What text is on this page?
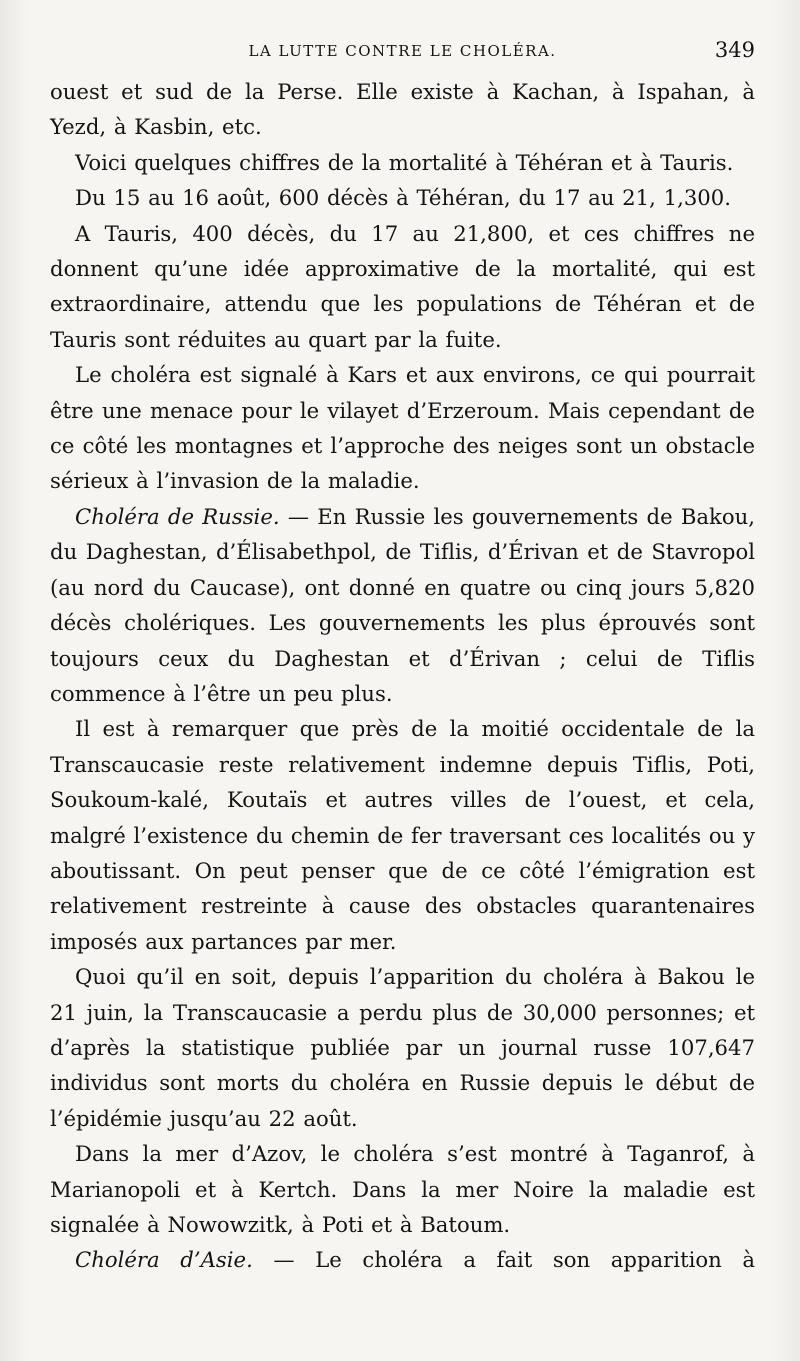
LA LUTTE CONTRE LE CHOLÉRA.	349

ouest et sud de la Perse. Elle existe à Kachan, à Ispahan, à Yezd, à Kasbin, etc.

Voici quelques chiffres de la mortalité à Téhéran et à Tauris.

Du 15 au 16 août, 600 décès à Téhéran, du 17 au 21, 1,300.

A Tauris, 400 décès, du 17 au 21,800, et ces chiffres ne donnent qu’une idée approximative de la mortalité, qui est extraordinaire, attendu que les populations de Téhéran et de Tauris sont réduites au quart par la fuite.

Le choléra est signalé à Kars et aux environs, ce qui pourrait être une menace pour le vilayet d’Erzeroum. Mais cependant de ce côté les montagnes et l’approche des neiges sont un obstacle sérieux à l’invasion de la maladie.

Choléra de Russie. — En Russie les gouvernements de Bakou, du Daghestan, d’Élisabethpol, de Tiflis, d’Érivan et de Stavropol (au nord du Caucase), ont donné en quatre ou cinq jours 5,820 décès cholériques. Les gouvernements les plus éprouvés sont toujours ceux du Daghestan et d’Érivan ; celui de Tiflis commence à l’être un peu plus.

Il est à remarquer que près de la moitié occidentale de la Transcaucasie reste relativement indemne depuis Tiflis, Poti, Soukoum-kalé, Koutaïs et autres villes de l’ouest, et cela, malgré l’existence du chemin de fer traversant ces localités ou y aboutissant. On peut penser que de ce côté l’émigration est relativement restreinte à cause des obstacles quarantenaires imposés aux partances par mer.

Quoi qu’il en soit, depuis l’apparition du choléra à Bakou le 21 juin, la Transcaucasie a perdu plus de 30,000 personnes; et d’après la statistique publiée par un journal russe 107,647 individus sont morts du choléra en Russie depuis le début de l’épidémie jusqu’au 22 août.

Dans la mer d’Azov, le choléra s’est montré à Taganrof, à Marianopoli et à Kertch. Dans la mer Noire la maladie est signalée à Nowowzitk, à Poti et à Batoum.

Choléra d’Asie. — Le choléra a fait son apparition à
